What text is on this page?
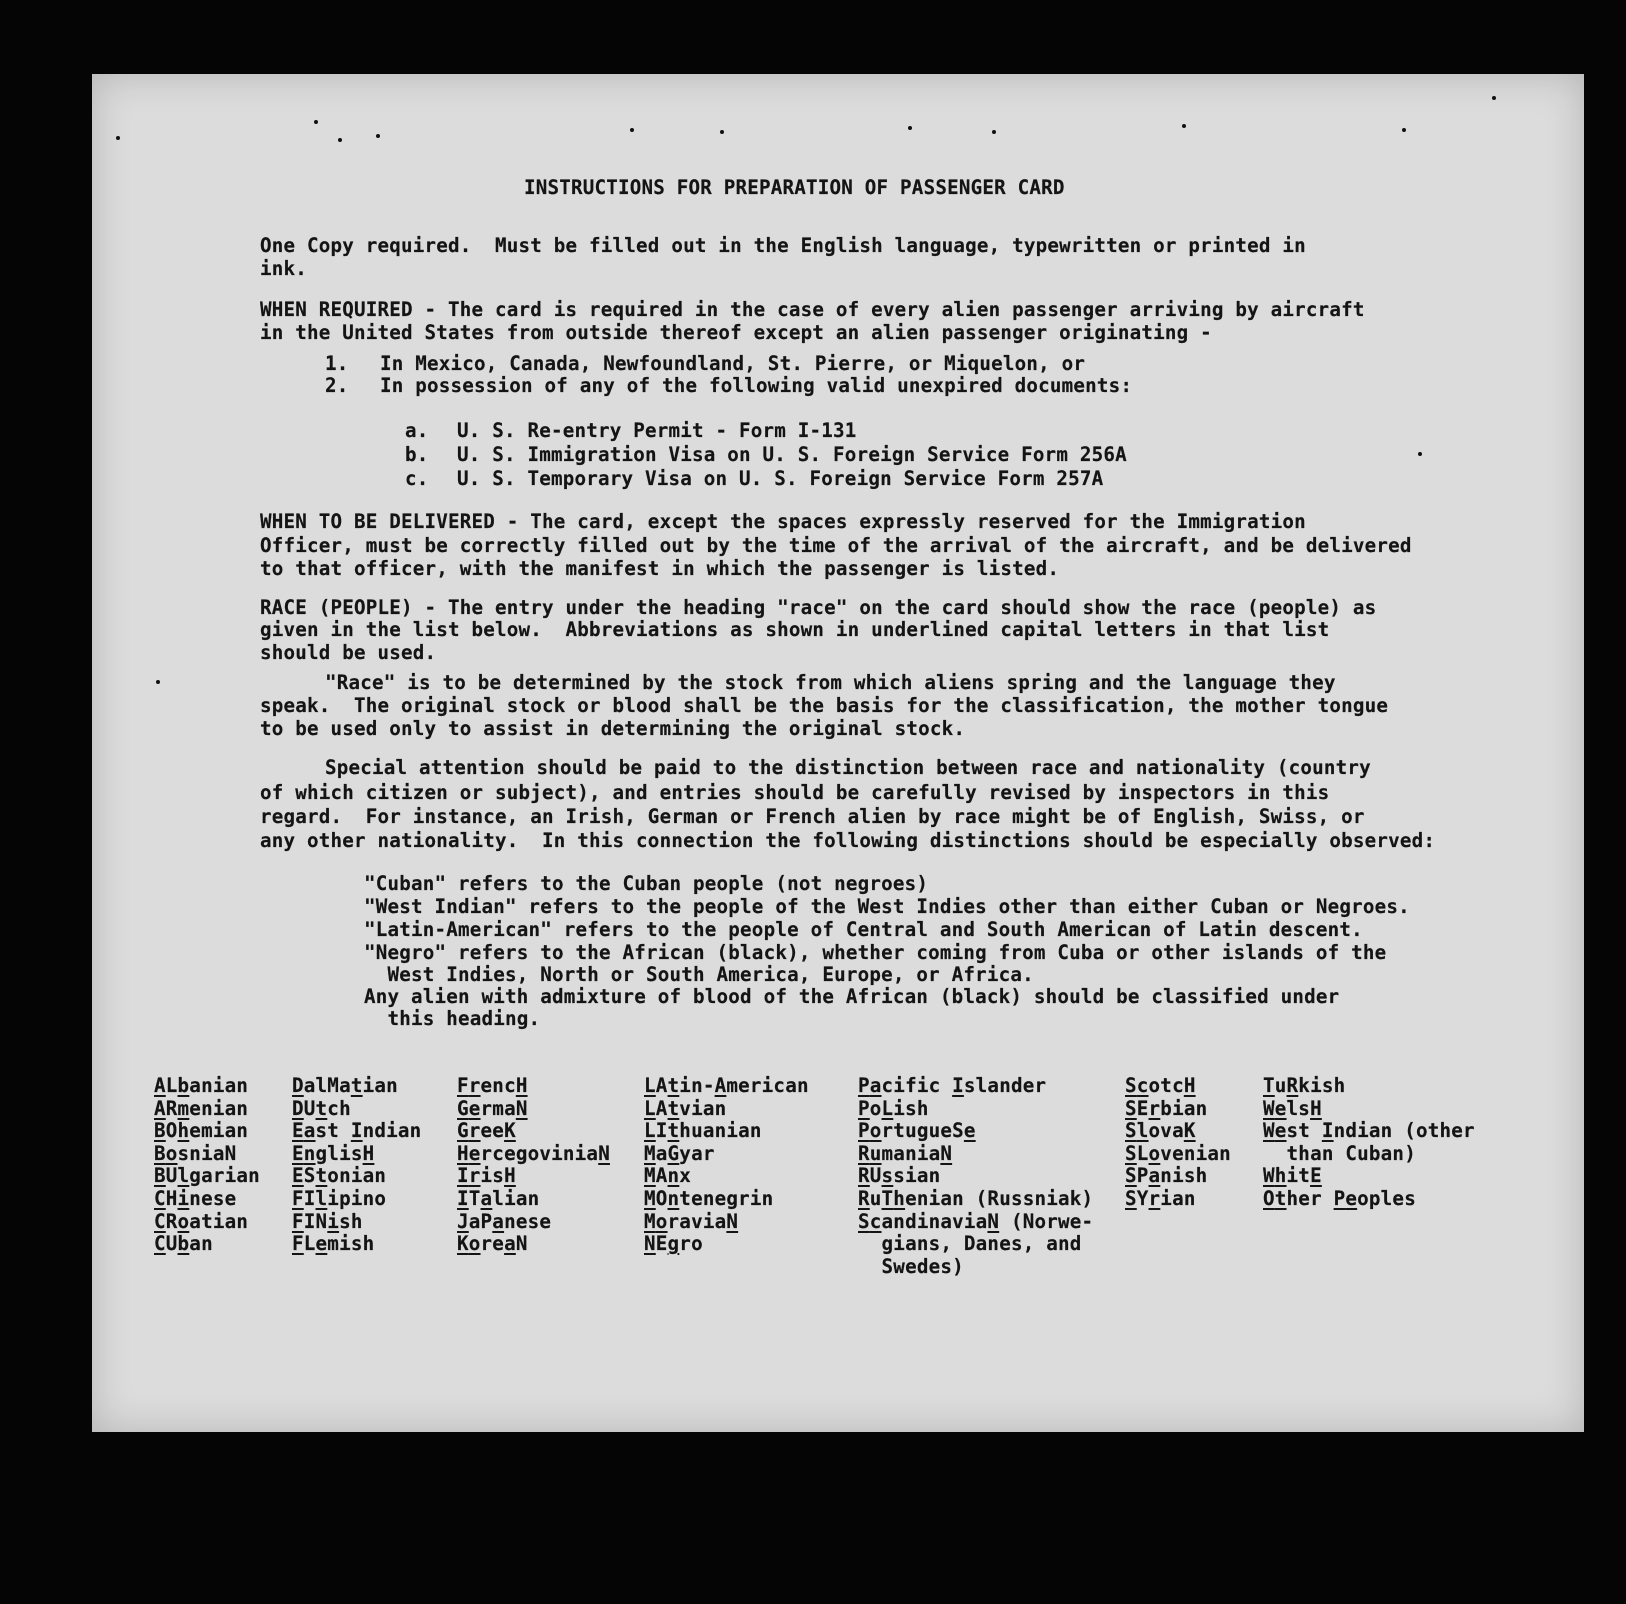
INSTRUCTIONS FOR PREPARATION OF PASSENGER CARD
One Copy required.  Must be filled out in the English language, typewritten or printed in
ink.
WHEN REQUIRED - The card is required in the case of every alien passenger arriving by aircraft
in the United States from outside thereof except an alien passenger originating -
1. In Mexico, Canada, Newfoundland, St. Pierre, or Miquelon, or
2. In possession of any of the following valid unexpired documents:
a. U. S. Re-entry Permit - Form I-131
b. U. S. Immigration Visa on U. S. Foreign Service Form 256A
c. U. S. Temporary Visa on U. S. Foreign Service Form 257A
WHEN TO BE DELIVERED - The card, except the spaces expressly reserved for the Immigration
Officer, must be correctly filled out by the time of the arrival of the aircraft, and be delivered
to that officer, with the manifest in which the passenger is listed.
RACE (PEOPLE) - The entry under the heading "race" on the card should show the race (people) as
given in the list below.  Abbreviations as shown in underlined capital letters in that list
should be used.
"Race" is to be determined by the stock from which aliens spring and the language they
speak.  The original stock or blood shall be the basis for the classification, the mother tongue
to be used only to assist in determining the original stock.
Special attention should be paid to the distinction between race and nationality (country
of which citizen or subject), and entries should be carefully revised by inspectors in this
regard.  For instance, an Irish, German or French alien by race might be of English, Swiss, or
any other nationality.  In this connection the following distinctions should be especially observed:
"Cuban" refers to the Cuban people (not negroes)
"West Indian" refers to the people of the West Indies other than either Cuban or Negroes.
"Latin-American" refers to the people of Central and South American of Latin descent.
"Negro" refers to the African (black), whether coming from Cuba or other islands of the
West Indies, North or South America, Europe, or Africa.
Any alien with admixture of blood of the African (black) should be classified under
this heading.
ALbanian
ARmenian
BOhemian
BosniaN
BUlgarian
CHinese
CRoatian
CUban
DalMatian
DUtch
East Indian
EnglisH
EStonian
FIlipino
FINish
FLemish
FrencH
GermaN
GreeK
HercegoviniaN
IrisH
ITalian
JaPanese
KoreaN
LAtin-American
LAtvian
LIthuanian
MaGyar
MAnx
MOntenegrin
MoraviaN
NEgro
Pacific Islander
PoLish
PortugueSe
RumaniaN
RUssian
RuThenian (Russniak)
ScandinaviaN (Norwe-
gians, Danes, and
Swedes)
ScotcH
SErbian
SlovaK
SLovenian
SPanish
SYrian
TuRkish
WelsH
West Indian (other
than Cuban)
WhitE
Other Peoples
